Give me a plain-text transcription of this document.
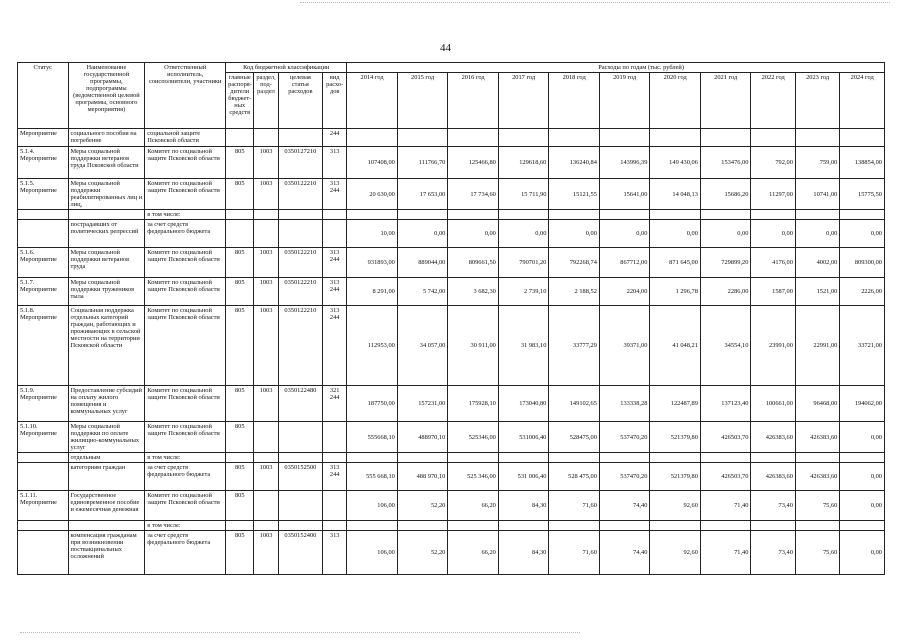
44
Статус	Наименование государственной программы, подпрограммы (ведомственной целевой программы, основного мероприятия)	Ответственный исполнитель, соисполнители, участники	Код бюджетной классификации				Расходы по годам (тыс. рублей)										
			главные распоря-дители бюджет-ных средств	раздел, под-раздел	целевая статья расходов	вид расхо-дов	2014 год	2015 год	2016 год	2017 год	2018 год	2019 год	2020 год	2021 год	2022 год	2023 год	2024 год
Мероприятие	социального пособия на погребение	социальной защите Псковской области				244											
5.1.4. Мероприятие	Меры социальной поддержки ветеранов труда Псковской области	Комитет по социальной защите Псковской области	805	1003	0350127210	313	107408,00	111766,70	125466,80	129618,60	136240,84	143996,39	149 430,06	153476,00	792,00	759,00	138854,00
5.1.5. Мероприятие	Меры социальной поддержки реабилитированных лиц и лиц,	Комитет по социальной защите Псковской области	805	1003	0350122210	313 244	20 630,00	17 653,00	17 734,60	15 711,90	15121,55	15641,00	14 048,13	15686,20	11297,00	10741,00	15775,50
		в том числе:															
	пострадавших от политических репрессий	за счет средств федерального бюджета					10,00	0,00	0,00	0,00	0,00	0,00	0,00	0,00	0,00	0,00	0,00
5.1.6. Мероприятие	Меры социальной поддержки ветеранов труда	Комитет по социальной защите Псковской области	805	1003	0350122210	313 244	931893,00	889044,00	809661,50	790701,20	792268,74	867712,00	871 645,00	729899,20	4176,00	4002,00	809300,00
5.1.7. Мероприятие	Меры социальной поддержки тружеников тыла	Комитет по социальной защите Псковской области	805	1003	0350122210	313 244	8 291,00	5 742,00	3 682,30	2 739,10	2 188,52	2204,00	1 296,78	2286,00	1587,00	1521,00	2226,00
5.1.8. Мероприятие	Социальная поддержка отдельных категорий граждан, работающих и проживающих в сельской местности на территории Псковской области	Комитет по социальной защите Псковской области	805	1003	0350122210	313 244	112953,00	34 057,00	30 911,00	31 983,10	33777,29	39371,00	41 048,21	34554,10	23991,00	22991,00	33721,00
5.1.9. Мероприятие	Предоставление субсидий на оплату жилого помещения и коммунальных услуг	Комитет по социальной защите Псковской области	805	1003	0350122480	321 244	187750,00	157231,00	175928,10	173040,80	149102,65	133338,28	122487,89	137123,40	100661,00	96468,00	194062,00
5.1.10. Мероприятие	Меры социальной поддержки по оплате жилищно-коммунальных услуг	Комитет по социальной защите Псковской области	805				555668,10	488970,10	525346,00	531006,40	528475,00	537470,20	521379,80	426503,70	426383,60	426383,60	0,00
	отдельным	в том числе:															
	категориям граждан	за счет средств федерального бюджета	805	1003	0350152500	313 244	555 668,10	488 970,10	525 346,00	531 006,40	528 475,00	537470,20	521379,80	426503,70	426383,60	426383,60	0,00
5.1.11. Мероприятие	Государственное единовременное пособие и ежемесячная денежная	Комитет по социальной защите Псковской области	805				106,00	52,20	66,20	84,30	71,60	74,40	92,60	71,40	73,40	75,60	0,00
		в том числе:															
	компенсация гражданам при возникновении поствакцинальных осложнений	за счет средств федерального бюджета	805	1003	0350152400	313	106,00	52,20	66,20	84,30	71,60	74,40	92,60	71,40	73,40	75,60	0,00
